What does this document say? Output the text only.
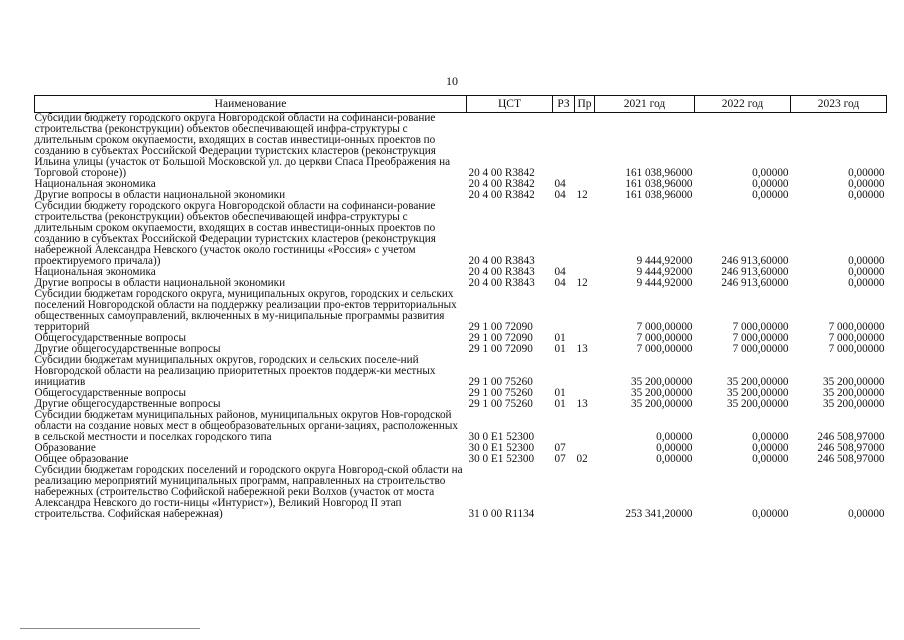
10
Наименование	ЦСТ	РЗ	Пр	2021 год	2022 год	2023 год
Субсидии бюджету городского округа Новгородской области на софинанси-рование строительства (реконструкции) объектов обеспечивающей инфра-структуры с длительным сроком окупаемости, входящих в состав инвестици-онных проектов по созданию в субъектах Российской Федерации туристских кластеров (реконструкция Ильина улицы (участок от Большой Московской ул. до церкви Спаса Преображения на Торговой стороне))	20 4 00 R3842			161 038,96000	0,00000	0,00000
Национальная экономика	20 4 00 R3842	04		161 038,96000	0,00000	0,00000
Другие вопросы в области национальной экономики	20 4 00 R3842	04	12	161 038,96000	0,00000	0,00000
Субсидии бюджету городского округа Новгородской области на софинанси-рование строительства (реконструкции) объектов обеспечивающей инфра-структуры с длительным сроком окупаемости, входящих в состав инвестици-онных проектов по созданию в субъектах Российской Федерации туристских кластеров (реконструкция набережной Александра Невского (участок около гостиницы «Россия» с учетом проектируемого причала))	20 4 00 R3843			9 444,92000	246 913,60000	0,00000
Национальная экономика	20 4 00 R3843	04		9 444,92000	246 913,60000	0,00000
Другие вопросы в области национальной экономики	20 4 00 R3843	04	12	9 444,92000	246 913,60000	0,00000
Субсидии бюджетам городского округа, муниципальных округов, городских и сельских поселений Новгородской области на поддержку реализации про-ектов территориальных общественных самоуправлений, включенных в му-ниципальные программы развития территорий	29 1 00 72090			7 000,00000	7 000,00000	7 000,00000
Общегосударственные вопросы	29 1 00 72090	01		7 000,00000	7 000,00000	7 000,00000
Другие общегосударственные вопросы	29 1 00 72090	01	13	7 000,00000	7 000,00000	7 000,00000
Субсидии бюджетам муниципальных округов, городских и сельских поселе-ний Новгородской области на реализацию приоритетных проектов поддерж-ки местных инициатив	29 1 00 75260			35 200,00000	35 200,00000	35 200,00000
Общегосударственные вопросы	29 1 00 75260	01		35 200,00000	35 200,00000	35 200,00000
Другие общегосударственные вопросы	29 1 00 75260	01	13	35 200,00000	35 200,00000	35 200,00000
Субсидии бюджетам муниципальных районов, муниципальных округов Нов-городской области на создание новых мест в общеобразовательных органи-зациях, расположенных в сельской местности и поселках городского типа	30 0 E1 52300			0,00000	0,00000	246 508,97000
Образование	30 0 E1 52300	07		0,00000	0,00000	246 508,97000
Общее образование	30 0 E1 52300	07	02	0,00000	0,00000	246 508,97000
Субсидии бюджетам городских поселений и городского округа Новгород-ской области на реализацию мероприятий муниципальных программ, направленных на строительство набережных (строительство Софийской набережной реки Волхов (участок от моста Александра Невского до гости-ницы «Интурист»), Великий Новгород II этап строительства. Софийская набережная)	31 0 00 R1134			253 341,20000	0,00000	0,00000
